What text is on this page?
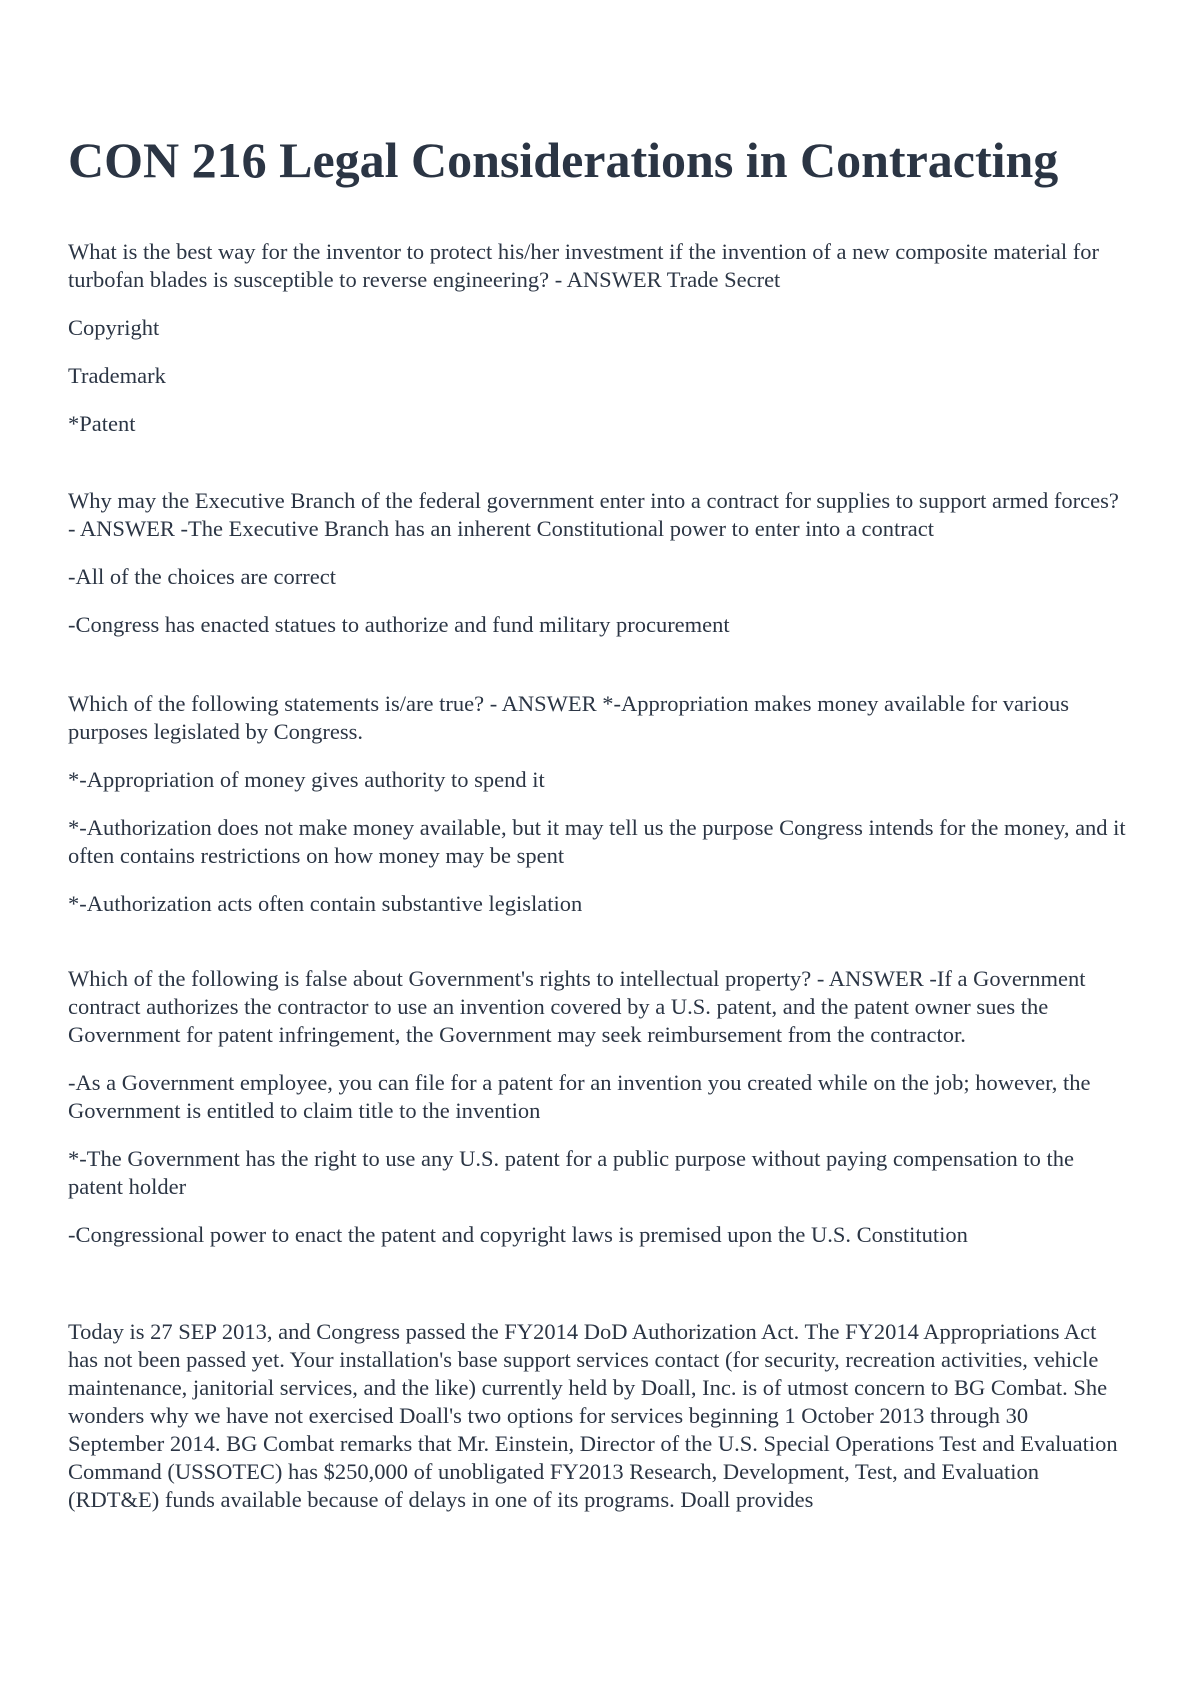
CON 216 Legal Considerations in Contracting

What is the best way for the inventor to protect his/her investment if the invention of a new composite material for turbofan blades is susceptible to reverse engineering? - ANSWER Trade Secret

Copyright

Trademark

*Patent

Why may the Executive Branch of the federal government enter into a contract for supplies to support armed forces? - ANSWER -The Executive Branch has an inherent Constitutional power to enter into a contract

-All of the choices are correct

-Congress has enacted statues to authorize and fund military procurement

Which of the following statements is/are true? - ANSWER *-Appropriation makes money available for various purposes legislated by Congress.

*-Appropriation of money gives authority to spend it

*-Authorization does not make money available, but it may tell us the purpose Congress intends for the money, and it often contains restrictions on how money may be spent

*-Authorization acts often contain substantive legislation

Which of the following is false about Government's rights to intellectual property? - ANSWER -If a Government contract authorizes the contractor to use an invention covered by a U.S. patent, and the patent owner sues the Government for patent infringement, the Government may seek reimbursement from the contractor.

-As a Government employee, you can file for a patent for an invention you created while on the job; however, the Government is entitled to claim title to the invention

*-The Government has the right to use any U.S. patent for a public purpose without paying compensation to the patent holder

-Congressional power to enact the patent and copyright laws is premised upon the U.S. Constitution

Today is 27 SEP 2013, and Congress passed the FY2014 DoD Authorization Act. The FY2014 Appropriations Act has not been passed yet. Your installation's base support services contact (for security, recreation activities, vehicle maintenance, janitorial services, and the like) currently held by Doall, Inc. is of utmost concern to BG Combat. She wonders why we have not exercised Doall's two options for services beginning 1 October 2013 through 30 September 2014. BG Combat remarks that Mr. Einstein, Director of the U.S. Special Operations Test and Evaluation Command (USSOTEC) has $250,000 of unobligated FY2013 Research, Development, Test, and Evaluation (RDT&E) funds available because of delays in one of its programs. Doall provides
